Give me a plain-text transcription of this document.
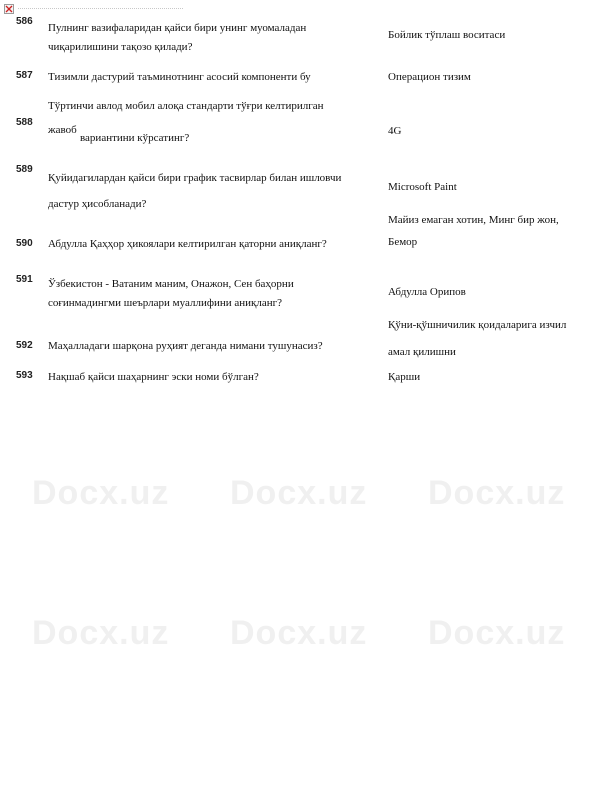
Docx.uz Docx.uz Docx.uz
Docx.uz Docx.uz Docx.uz
586
Пулнинг вазифаларидан қайси бири унинг муомаладан
чиқарилишини тақозо қилади?
Бойлик тўплаш воситаси
587 Тизимли дастурий таъминотнинг асосий компоненти бу	Операцион тизим
588
Тўртинчи авлод мобил алоқа стандарти тўғри келтирилган
жавоб
вариантини кўрсатинг?
4G
589
Қуйидагилардан қайси бири график тасвирлар билан ишловчи
дастур ҳисобланади?
Microsoft Paint
Майиз емаган хотин, Минг бир жон,
Бемор
590 Абдулла Қаҳҳор ҳикоялари келтирилган қаторни аниқланг?
591 Ўзбекистон - Ватаним маним, Онажон, Сен баҳорни
соғинмадингми шеърлари муаллифини аниқланг?
Абдулла Орипов
Қўни-қўшничилик қоидаларига изчил
амал қилишни
592 Маҳалладаги шарқона руҳият деганда нимани тушунасиз?
593 Нақшаб қайси шаҳарнинг эски номи бўлган?	Қарши
